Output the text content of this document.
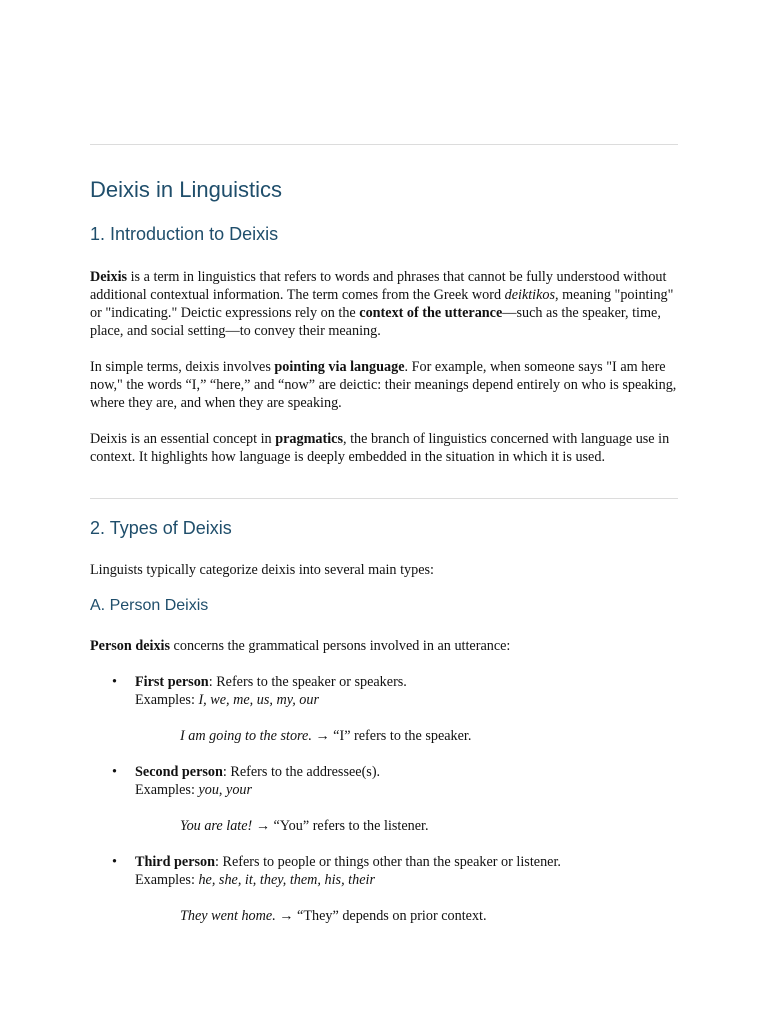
Deixis in Linguistics
1. Introduction to Deixis

Deixis is a term in linguistics that refers to words and phrases that cannot be fully understood without additional contextual information. The term comes from the Greek word deiktikos, meaning "pointing" or "indicating." Deictic expressions rely on the context of the utterance—such as the speaker, time, place, and social setting—to convey their meaning.

In simple terms, deixis involves pointing via language. For example, when someone says "I am here now," the words “I,” “here,” and “now” are deictic: their meanings depend entirely on who is speaking, where they are, and when they are speaking.

Deixis is an essential concept in pragmatics, the branch of linguistics concerned with language use in context. It highlights how language is deeply embedded in the situation in which it is used.

2. Types of Deixis

Linguists typically categorize deixis into several main types:

A. Person Deixis

Person deixis concerns the grammatical persons involved in an utterance:

• First person: Refers to the speaker or speakers.
Examples: I, we, me, us, my, our
I am going to the store. → “I” refers to the speaker.
• Second person: Refers to the addressee(s).
Examples: you, your
You are late! → “You” refers to the listener.
• Third person: Refers to people or things other than the speaker or listener.
Examples: he, she, it, they, them, his, their
They went home. → “They” depends on prior context.
